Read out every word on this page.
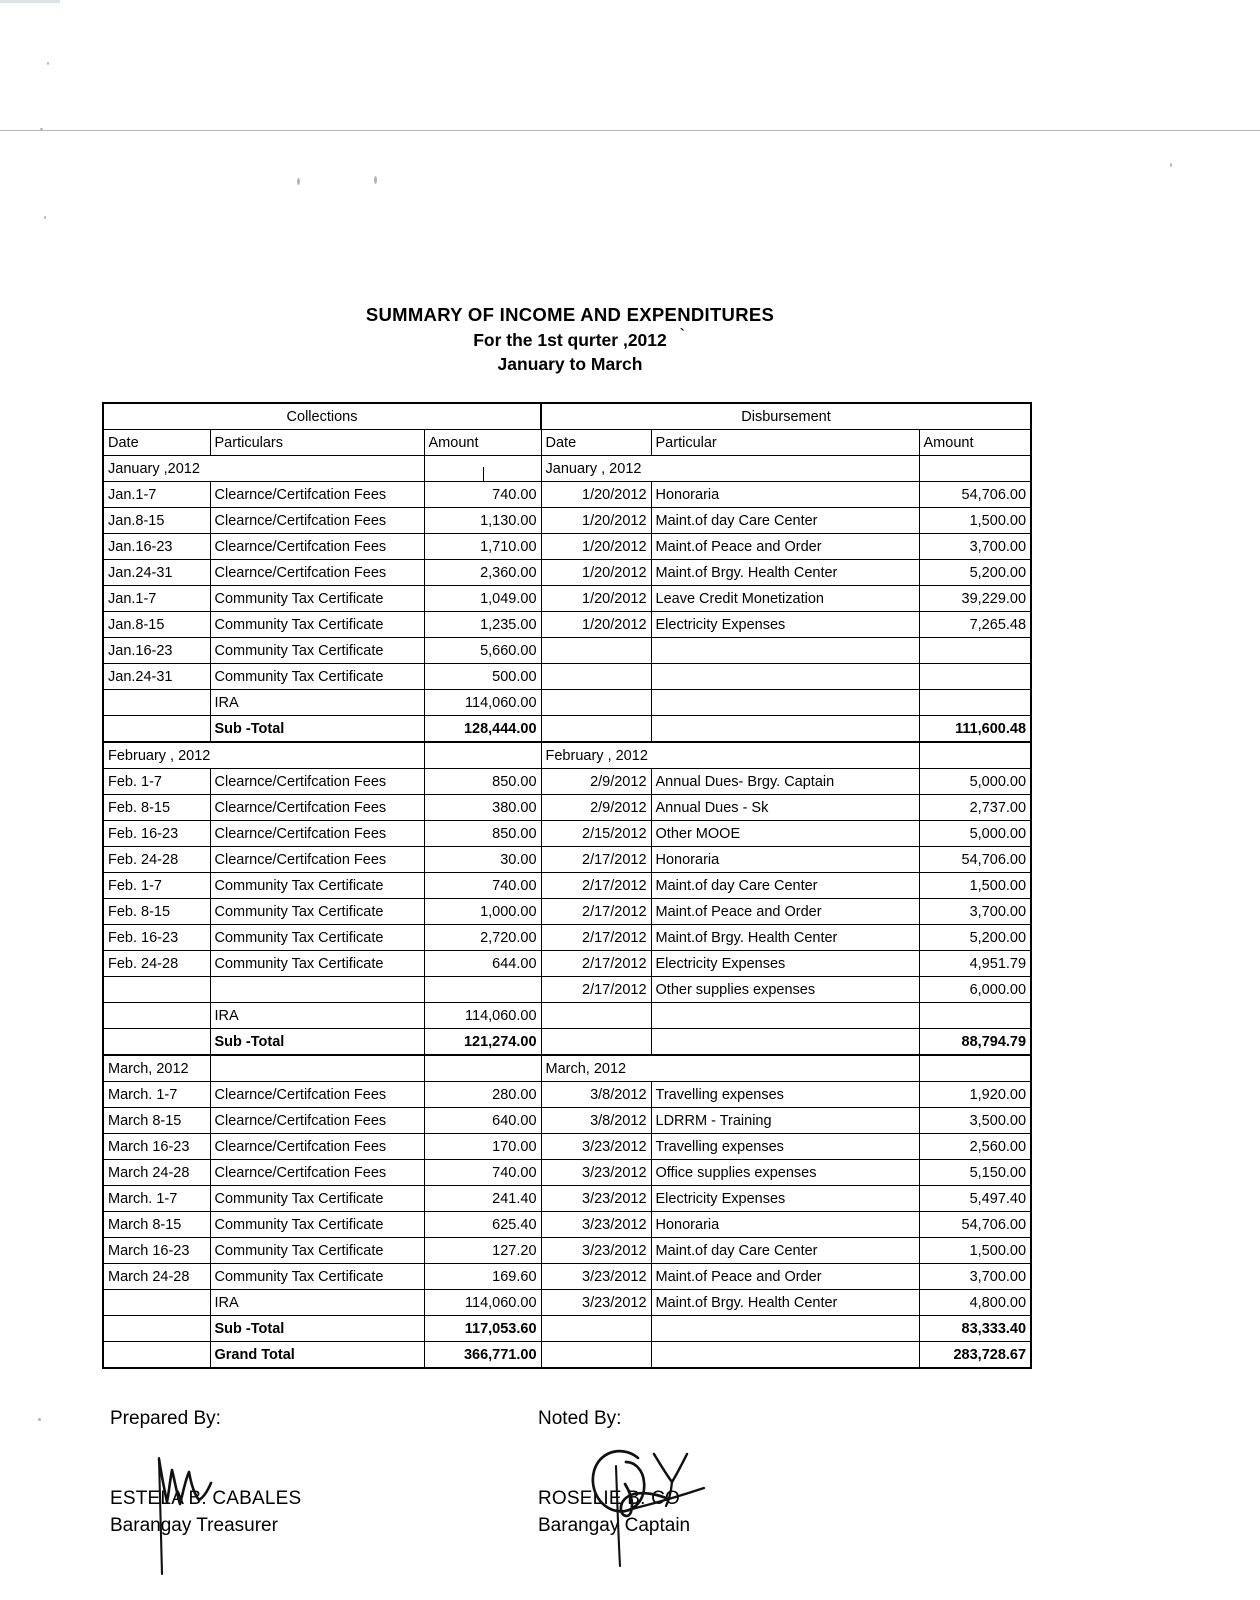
SUMMARY OF INCOME AND EXPENDITURES
For the 1st qurter ,2012 `
January to March
Collections			Disbursement		
Date	Particulars	Amount	Date	Particular	Amount
January ,2012			January , 2012		
Jan.1-7	Clearnce/Certifcation Fees	740.00	1/20/2012	Honoraria	54,706.00
Jan.8-15	Clearnce/Certifcation Fees	1,130.00	1/20/2012	Maint.of day Care Center	1,500.00
Jan.16-23	Clearnce/Certifcation Fees	1,710.00	1/20/2012	Maint.of Peace and Order	3,700.00
Jan.24-31	Clearnce/Certifcation Fees	2,360.00	1/20/2012	Maint.of Brgy. Health Center	5,200.00
Jan.1-7	Community Tax Certificate	1,049.00	1/20/2012	Leave Credit Monetization	39,229.00
Jan.8-15	Community Tax Certificate	1,235.00	1/20/2012	Electricity Expenses	7,265.48
Jan.16-23	Community Tax Certificate	5,660.00			
Jan.24-31	Community Tax Certificate	500.00			
	IRA	114,060.00			
	Sub -Total	128,444.00			111,600.48
February , 2012			February , 2012		
Feb. 1-7	Clearnce/Certifcation Fees	850.00	2/9/2012	Annual Dues- Brgy. Captain	5,000.00
Feb. 8-15	Clearnce/Certifcation Fees	380.00	2/9/2012	Annual Dues - Sk	2,737.00
Feb. 16-23	Clearnce/Certifcation Fees	850.00	2/15/2012	Other MOOE	5,000.00
Feb. 24-28	Clearnce/Certifcation Fees	30.00	2/17/2012	Honoraria	54,706.00
Feb. 1-7	Community Tax Certificate	740.00	2/17/2012	Maint.of day Care Center	1,500.00
Feb. 8-15	Community Tax Certificate	1,000.00	2/17/2012	Maint.of Peace and Order	3,700.00
Feb. 16-23	Community Tax Certificate	2,720.00	2/17/2012	Maint.of Brgy. Health Center	5,200.00
Feb. 24-28	Community Tax Certificate	644.00	2/17/2012	Electricity Expenses	4,951.79
			2/17/2012	Other supplies expenses	6,000.00
	IRA	114,060.00			
	Sub -Total	121,274.00			88,794.79
March, 2012			March, 2012		
March. 1-7	Clearnce/Certifcation Fees	280.00	3/8/2012	Travelling expenses	1,920.00
March 8-15	Clearnce/Certifcation Fees	640.00	3/8/2012	LDRRM - Training	3,500.00
March 16-23	Clearnce/Certifcation Fees	170.00	3/23/2012	Travelling expenses	2,560.00
March 24-28	Clearnce/Certifcation Fees	740.00	3/23/2012	Office supplies expenses	5,150.00
March. 1-7	Community Tax Certificate	241.40	3/23/2012	Electricity Expenses	5,497.40
March 8-15	Community Tax Certificate	625.40	3/23/2012	Honoraria	54,706.00
March 16-23	Community Tax Certificate	127.20	3/23/2012	Maint.of day Care Center	1,500.00
March 24-28	Community Tax Certificate	169.60	3/23/2012	Maint.of Peace and Order	3,700.00
	IRA	114,060.00	3/23/2012	Maint.of Brgy. Health Center	4,800.00
	Sub -Total	117,053.60			83,333.40
	Grand Total	366,771.00			283,728.67
Prepared By:
ESTELA B. CABALES
Barangay Treasurer
Noted By:
ROSELIE B. CO
Barangay Captain
